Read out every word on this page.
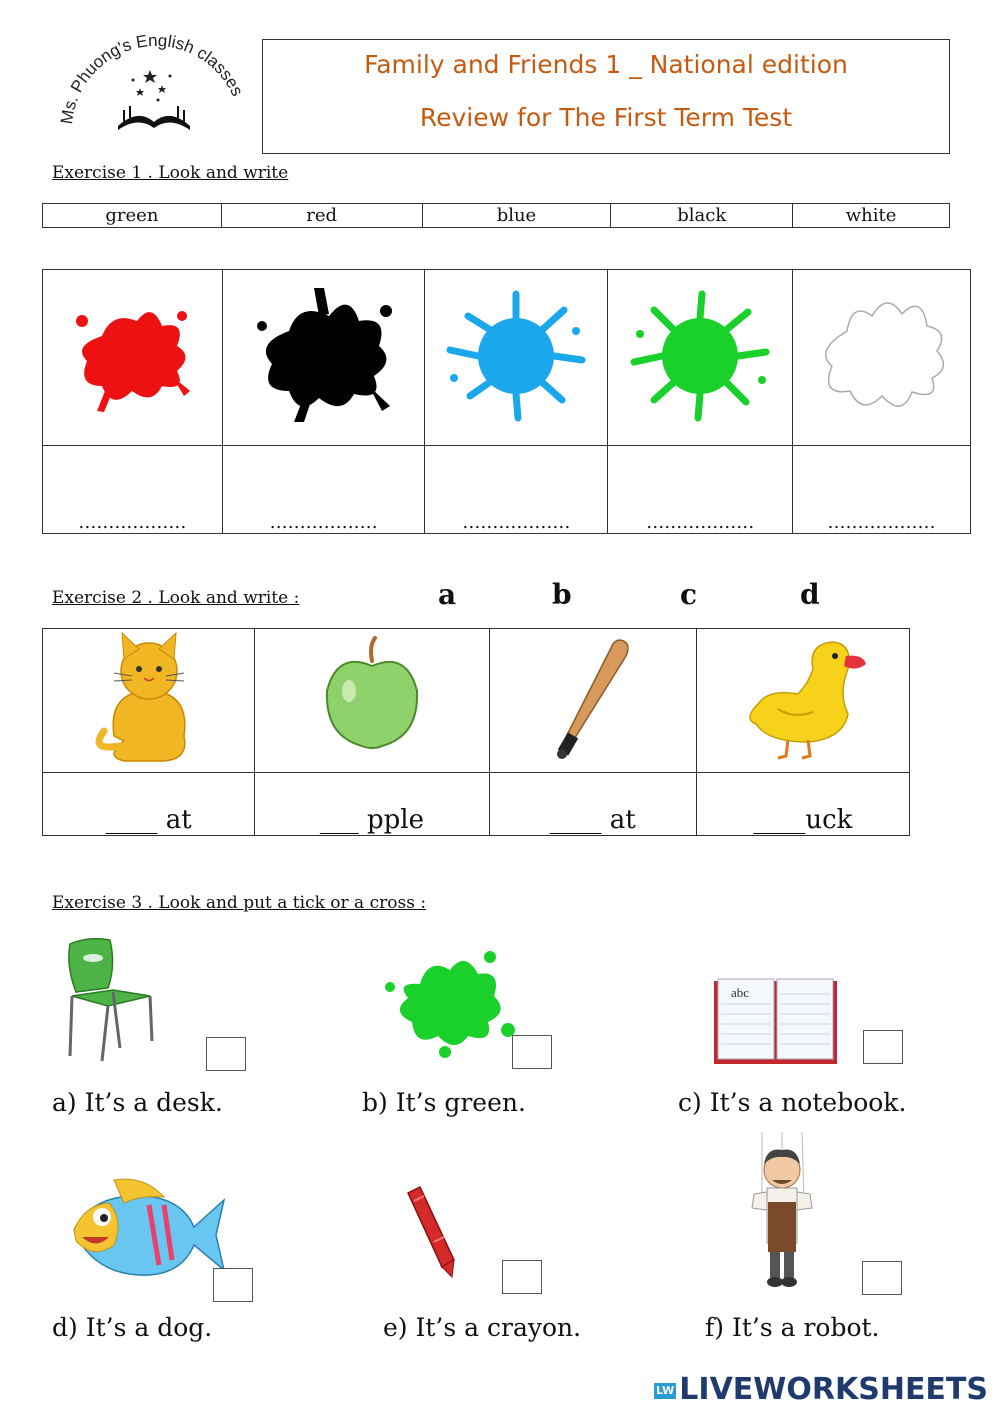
Ms. Phuong's English classes
Family and Friends 1 _ National edition
Review for The First Term Test
Exercise 1 . Look and write
green	red	blue	black	white

………………	………………	………………	………………	………………
Exercise 2 . Look and write :	a	b	c	d

____ at	___ pple	____ at	____uck
Exercise 3 . Look and put a tick or a cross :
abc
a) It’s a desk.	b) It’s green.	c) It’s a notebook.
d) It’s a dog.	e) It’s a crayon.	f) It’s a robot.
LW LIVEWORKSHEETS
